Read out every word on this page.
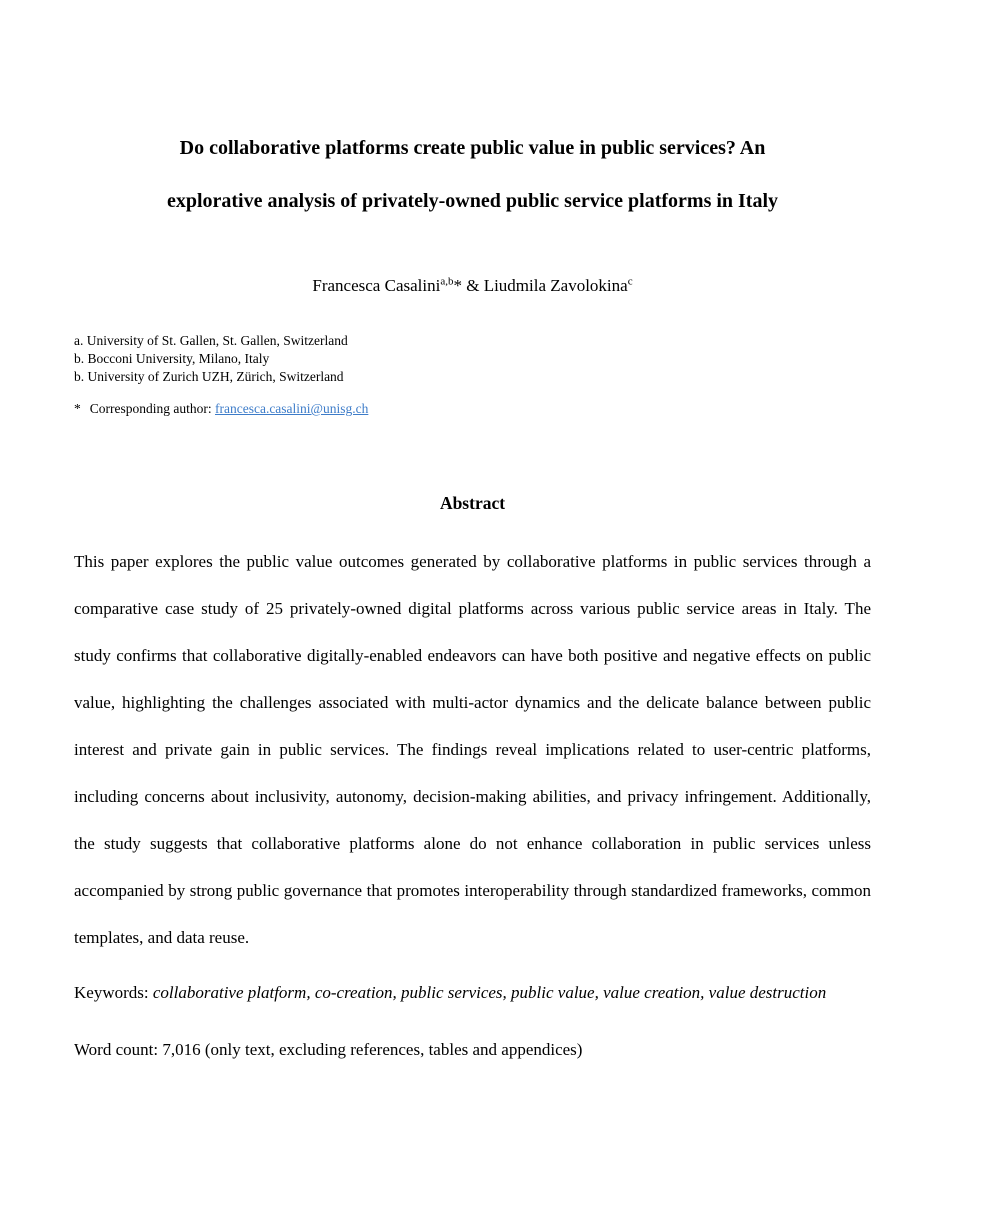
Do collaborative platforms create public value in public services? An
explorative analysis of privately-owned public service platforms in Italy
Francesca Casalini$^{a,b}$* & Liudmila Zavolokina$^c$
a. University of St. Gallen, St. Gallen, Switzerland
b. Bocconi University, Milano, Italy
b. University of Zurich UZH, Zürich, Switzerland
* Corresponding author: francesca.casalini@unisg.ch
Abstract
This paper explores the public value outcomes generated by collaborative platforms in public services through a comparative case study of 25 privately-owned digital platforms across various public service areas in Italy. The study confirms that collaborative digitally-enabled endeavors can have both positive and negative effects on public value, highlighting the challenges associated with multi-actor dynamics and the delicate balance between public interest and private gain in public services. The findings reveal implications related to user-centric platforms, including concerns about inclusivity, autonomy, decision-making abilities, and privacy infringement. Additionally, the study suggests that collaborative platforms alone do not enhance collaboration in public services unless accompanied by strong public governance that promotes interoperability through standardized frameworks, common templates, and data reuse.
Keywords: collaborative platform, co-creation, public services, public value, value creation, value destruction
Word count: 7,016 (only text, excluding references, tables and appendices)
